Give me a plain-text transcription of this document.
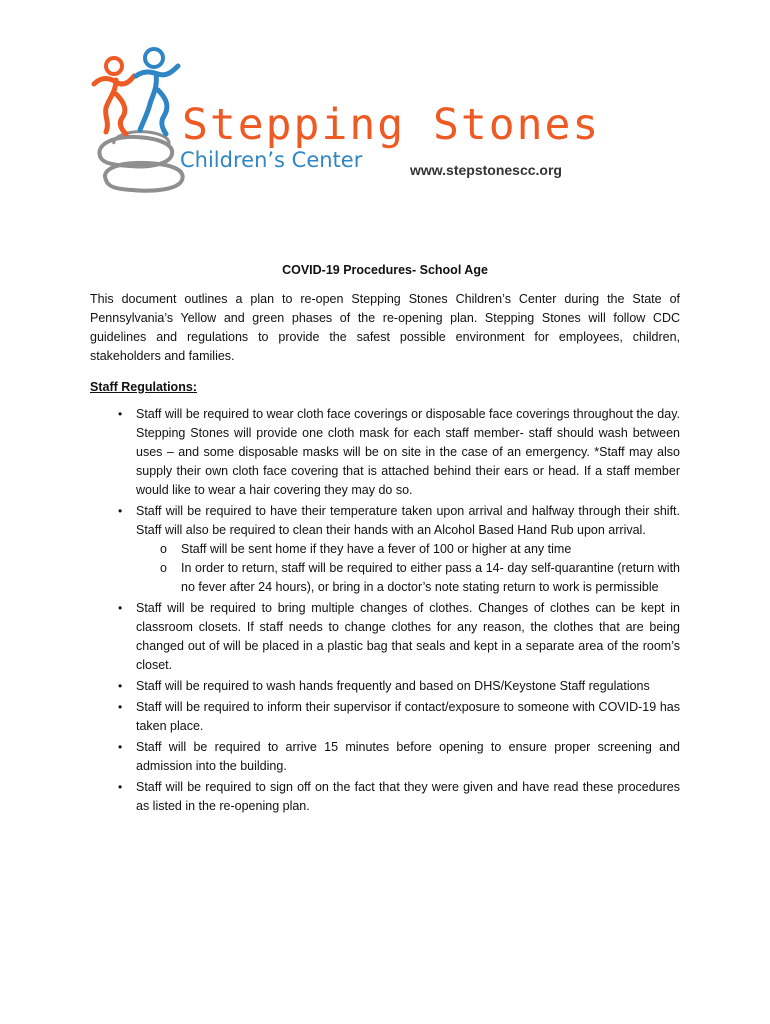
Stepping Stones
Children’s Center	www.stepstonescc.org
COVID-19 Procedures- School Age

This document outlines a plan to re-open Stepping Stones Children’s Center during the State of Pennsylvania’s Yellow and green phases of the re-opening plan. Stepping Stones will follow CDC guidelines and regulations to provide the safest possible environment for employees, children, stakeholders and families.

Staff Regulations:
• Staff will be required to wear cloth face coverings or disposable face coverings throughout the day. Stepping Stones will provide one cloth mask for each staff member- staff should wash between uses – and some disposable masks will be on site in the case of an emergency. *Staff may also supply their own cloth face covering that is attached behind their ears or head. If a staff member would like to wear a hair covering they may do so.
• Staff will be required to have their temperature taken upon arrival and halfway through their shift. Staff will also be required to clean their hands with an Alcohol Based Hand Rub upon arrival.
o Staff will be sent home if they have a fever of 100 or higher at any time
o In order to return, staff will be required to either pass a 14- day self-quarantine (return with no fever after 24 hours), or bring in a doctor’s note stating return to work is permissible
• Staff will be required to bring multiple changes of clothes. Changes of clothes can be kept in classroom closets. If staff needs to change clothes for any reason, the clothes that are being changed out of will be placed in a plastic bag that seals and kept in a separate area of the room’s closet.
• Staff will be required to wash hands frequently and based on DHS/Keystone Staff regulations
• Staff will be required to inform their supervisor if contact/exposure to someone with COVID-19 has taken place.
• Staff will be required to arrive 15 minutes before opening to ensure proper screening and admission into the building.
• Staff will be required to sign off on the fact that they were given and have read these procedures as listed in the re-opening plan.
